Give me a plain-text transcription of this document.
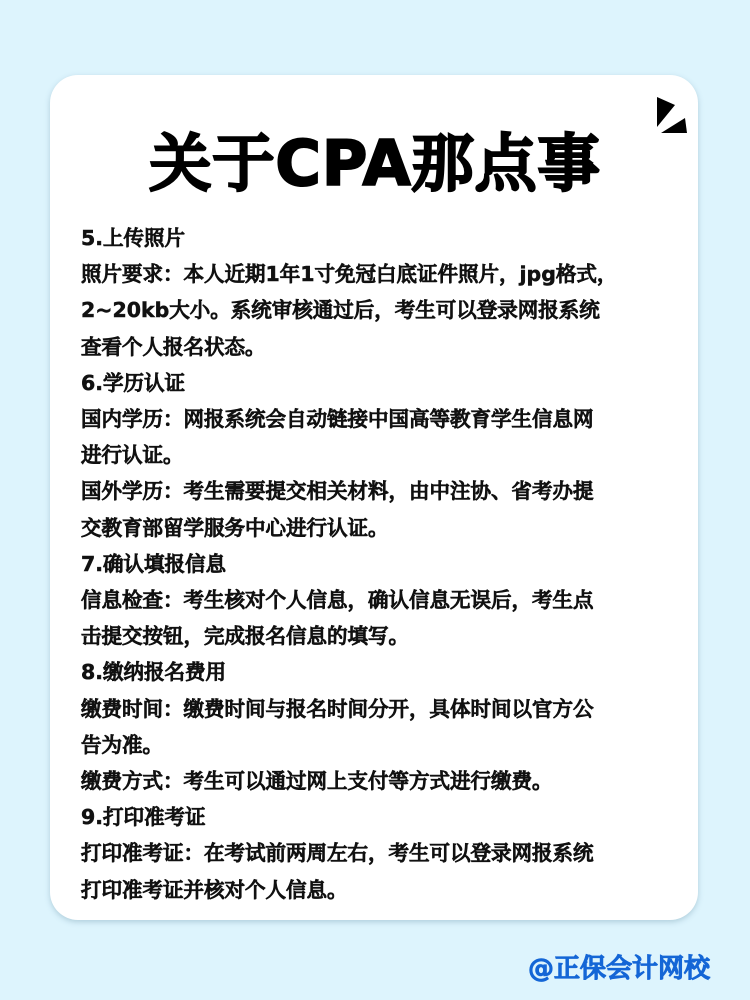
关于CPA那点事
5.上传照片
照片要求：本人近期1年1寸免冠白底证件照片，jpg格式，
2~20kb大小。系统审核通过后，考生可以登录网报系统
查看个人报名状态。
6.学历认证
国内学历：网报系统会自动链接中国高等教育学生信息网
进行认证。
国外学历：考生需要提交相关材料，由中注协、省考办提
交教育部留学服务中心进行认证。
7.确认填报信息
信息检查：考生核对个人信息，确认信息无误后，考生点
击提交按钮，完成报名信息的填写。
8.缴纳报名费用
缴费时间：缴费时间与报名时间分开，具体时间以官方公
告为准。
缴费方式：考生可以通过网上支付等方式进行缴费。
9.打印准考证
打印准考证：在考试前两周左右，考生可以登录网报系统
打印准考证并核对个人信息。
@正保会计网校
